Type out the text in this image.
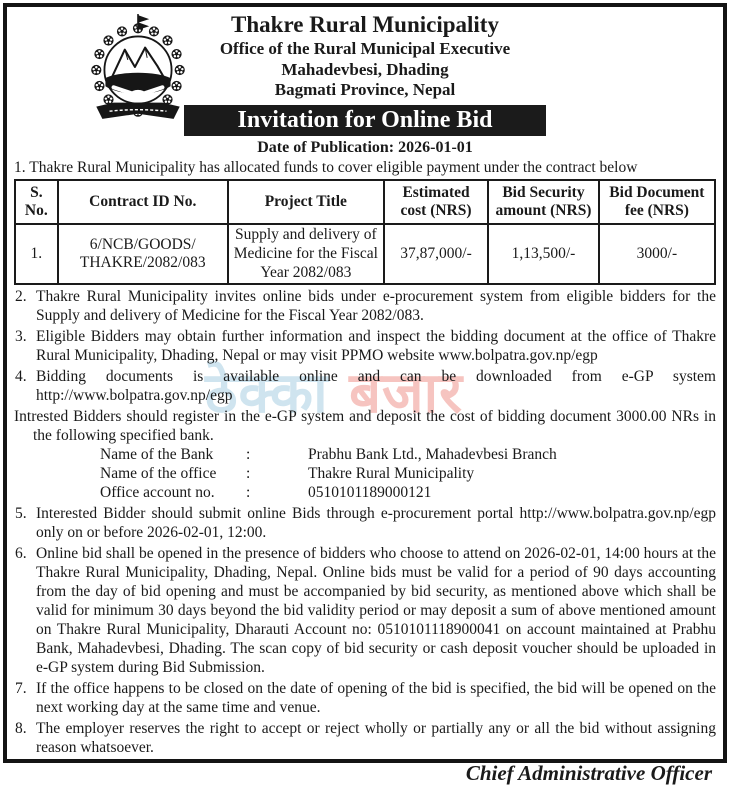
ठेक्का बजार
Thakre Rural Municipality
Office of the Rural Municipal Executive
Mahadevbesi, Dhading
Bagmati Province, Nepal
Invitation for Online Bid
Date of Publication: 2026-01-01
1. Thakre Rural Municipality has allocated funds to cover eligible payment under the contract below
S. No.	Contract ID No.	Project Title	Estimated cost (NRS)	Bid Security amount (NRS)	Bid Document fee (NRS)
1.	6/NCB/GOODS/ THAKRE/2082/083	Supply and delivery of Medicine for the Fiscal Year 2082/083	37,87,000/-	1,13,500/-	3000/-
2. Thakre Rural Municipality invites online bids under e-procurement system from eligible bidders for the Supply and delivery of Medicine for the Fiscal Year 2082/083.
3. Eligible Bidders may obtain further information and inspect the bidding document at the office of Thakre Rural Municipality, Dhading, Nepal or may visit PPMO website www.bolpatra.gov.np/egp
4. Bidding documents is available online and can be downloaded from e-GP system http://www.bolpatra.gov.np/egp

Intrested Bidders should register in the e-GP system and deposit the cost of bidding document 3000.00 NRs in the following specified bank.

Name of the Bank	:	Prabhu Bank Ltd., Mahadevbesi Branch
Name of the office	:	Thakre Rural Municipality
Office account no.	:	0510101189000121
5. Interested Bidder should submit online Bids through e-procurement portal http://www.bolpatra.gov.np/egp only on or before 2026-02-01, 12:00.
6. Online bid shall be opened in the presence of bidders who choose to attend on 2026-02-01, 14:00 hours at the Thakre Rural Municipality, Dhading, Nepal. Online bids must be valid for a period of 90 days accounting from the day of bid opening and must be accompanied by bid security, as mentioned above which shall be valid for minimum 30 days beyond the bid validity period or may deposit a sum of above mentioned amount on Thakre Rural Municipality, Dharauti Account no: 0510101118900041 on account maintained at Prabhu Bank, Mahadevbesi, Dhading. The scan copy of bid security or cash deposit voucher should be uploaded in e-GP system during Bid Submission.
7. If the office happens to be closed on the date of opening of the bid is specified, the bid will be opened on the next working day at the same time and venue.
8. The employer reserves the right to accept or reject wholly or partially any or all the bid without assigning reason whatsoever.
Chief Administrative Officer
